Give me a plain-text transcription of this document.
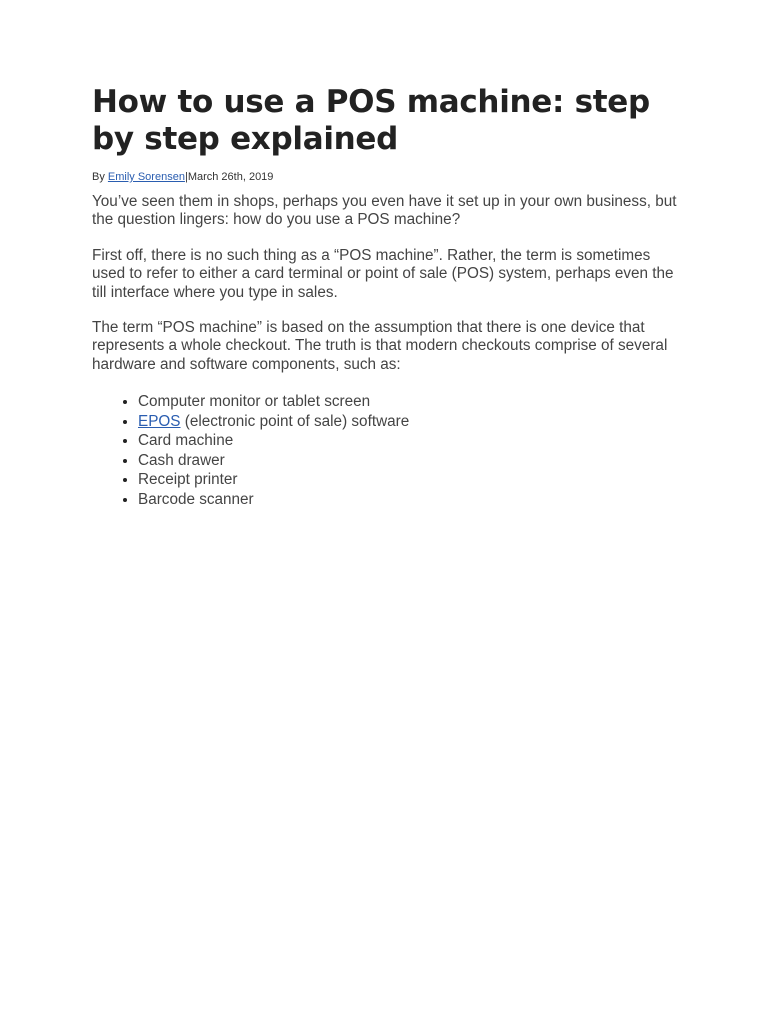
How to use a POS machine: step by step explained
By Emily Sorensen|March 26th, 2019

You’ve seen them in shops, perhaps you even have it set up in your own business, but the question lingers: how do you use a POS machine?

First off, there is no such thing as a “POS machine”. Rather, the term is sometimes used to refer to either a card terminal or point of sale (POS) system, perhaps even the till interface where you type in sales.

The term “POS machine” is based on the assumption that there is one device that represents a whole checkout. The truth is that modern checkouts comprise of several hardware and software components, such as:

• Computer monitor or tablet screen
• EPOS (electronic point of sale) software
• Card machine
• Cash drawer
• Receipt printer
• Barcode scanner
